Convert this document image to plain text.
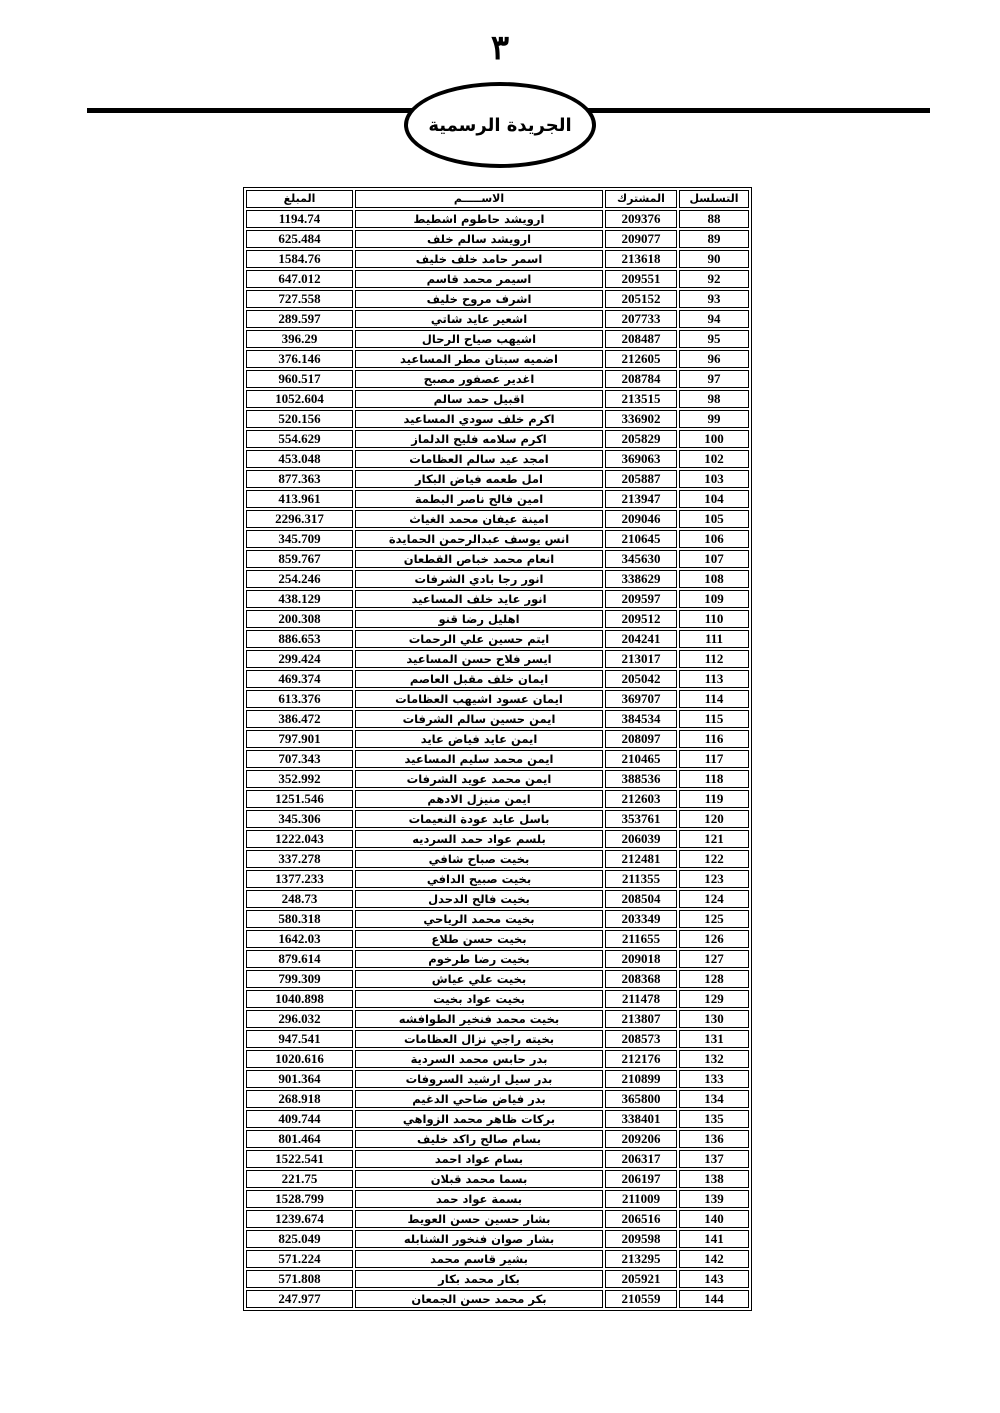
٣
الجريدة الرسمية
التسلسل	المشترك	الاســـــم	المبلغ
88	209376	ارويشد حاطوم اشطيط	1194.74
89	209077	ارويشد سالم خلف	625.484
90	213618	اسمر حامد خلف خليف	1584.76
92	209551	اسيمر محمد قاسم	647.012
93	205152	اشرف مروح خليف	727.558
94	207733	اشعير عايد شاتي	289.597
95	208487	اشيهب صياح الرحال	396.29
96	212605	اضميه سبتان مطر المساعيد	376.146
97	208784	اغدير عصفور مصبح	960.517
98	213515	اقبيل حمد سالم	1052.604
99	336902	اكرم خلف سودي المساعيد	520.156
100	205829	اكرم سلامه فليح الدلماز	554.629
102	369063	امجد عيد سالم العظامات	453.048
103	205887	امل طعمه فياض البكار	877.363
104	213947	امين فالح ناصر البطمة	413.961
105	209046	امينة عيفان محمد الغياث	2296.317
106	210645	انس يوسف عبدالرحمن الحمايدة	345.709
107	345630	انعام محمد خباص القطعان	859.767
108	338629	انور رجا بادي الشرفات	254.246
109	209597	انور عايد خلف المساعيد	438.129
110	209512	اهليل رضا قنو	200.308
111	204241	ايتم حسين علي الرحمات	886.653
112	213017	ايسر فلاح حسن المساعيد	299.424
113	205042	ايمان خلف مقبل العاصم	469.374
114	369707	ايمان عسود اشيهب العظامات	613.376
115	384534	ايمن حسين سالم الشرفات	386.472
116	208097	ايمن عايد فياض عايد	797.901
117	210465	ايمن محمد سليم المساعيد	707.343
118	388536	ايمن محمد عويد الشرفات	352.992
119	212603	ايمن منيزل الادهم	1251.546
120	353761	باسل عايد عودة النعيمات	345.306
121	206039	بلسم عواد حمد السرديه	1222.043
122	212481	بخيت صباح شافي	337.278
123	211355	بخيت صبيح الدافي	1377.233
124	208504	بخيت فالح الدحدل	248.73
125	203349	بخيت محمد الرياحي	580.318
126	211655	بخيت حسن طلاع	1642.03
127	209018	بخيت رضا طرخوم	879.614
128	208368	بخيت علي عياش	799.309
129	211478	بخيت عواد بخيت	1040.898
130	213807	بخيت محمد فنخير الطوافشه	296.032
131	208573	بخيته راجي نزال العظامات	947.541
132	212176	بدر حابس محمد السردية	1020.616
133	210899	بدر سيل ارشيد السروفات	901.364
134	365800	بدر فياض ضاحي الدغيم	268.918
135	338401	بركات ظاهر محمد الزواهي	409.744
136	209206	بسام صالح راكد خليف	801.464
137	206317	بسام عواد احمد	1522.541
138	206197	بسما محمد قبلان	221.75
139	211009	بسمة عواد حمد	1528.799
140	206516	بشار حسين حسن العويط	1239.674
141	209598	بشار صوان فنخور الشنابله	825.049
142	213295	بشير قاسم محمد	571.224
143	205921	بكار محمد بكار	571.808
144	210559	بكر محمد حسن الجمعان	247.977
